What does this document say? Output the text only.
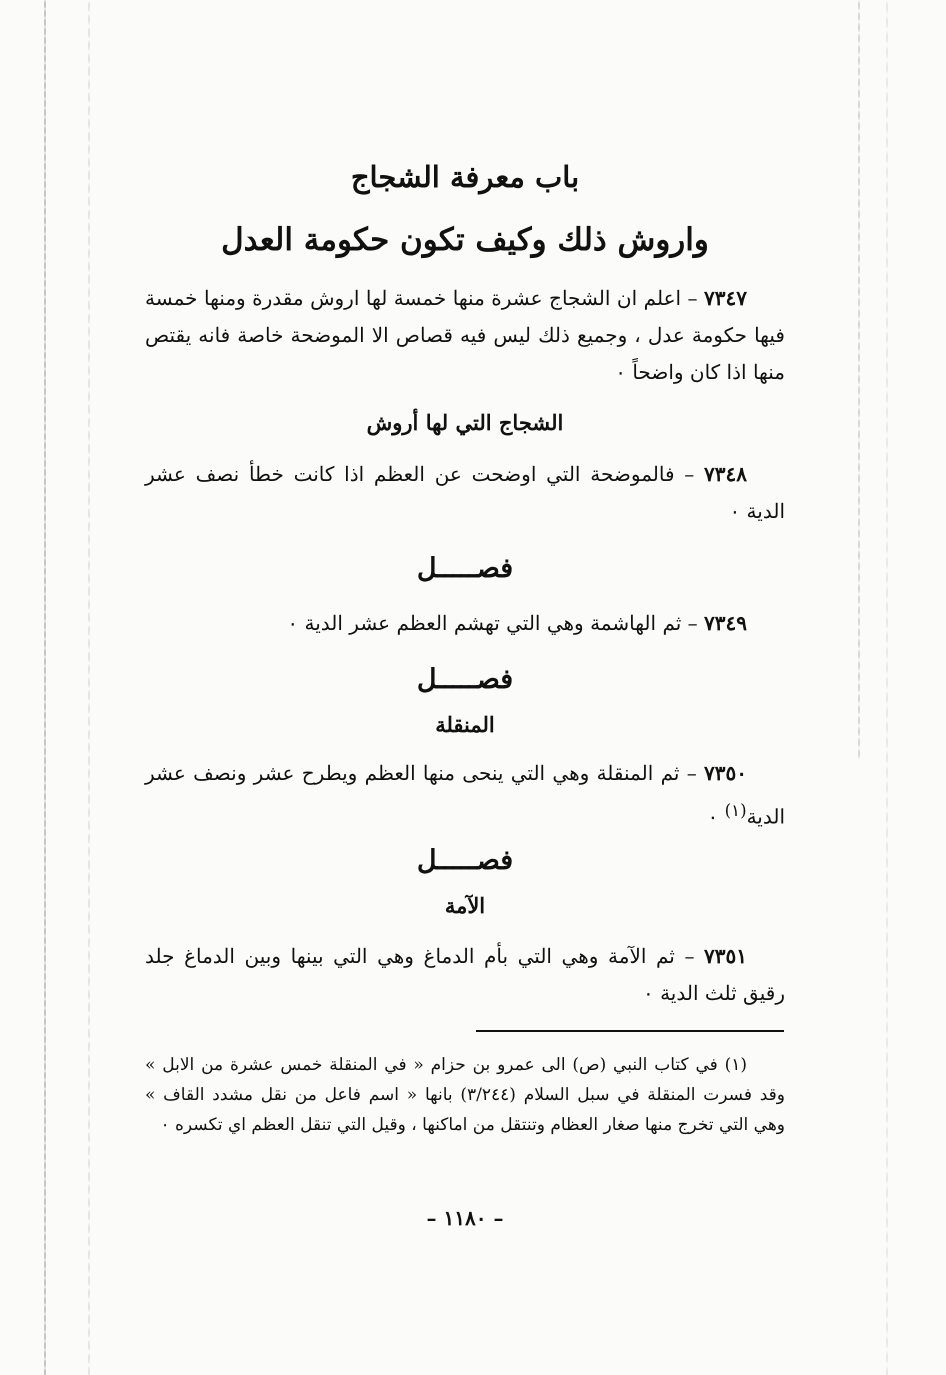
باب معرفة الشجاج
واروش ذلك وكيف تكون حكومة العدل
٧٣٤٧ – اعلم ان الشجاج عشرة منها خمسة لها اروش مقدرة ومنها خمسة فيها حكومة عدل ، وجميع ذلك ليس فيه قصاص الا الموضحة خاصة فانه يقتص منها اذا كان واضحاً ٠
الشجاج التي لها أروش
٧٣٤٨ – فالموضحة التي اوضحت عن العظم اذا كانت خطأ نصف عشر الدية ٠
فصـــــل
٧٣٤٩ – ثم الهاشمة وهي التي تهشم العظم عشر الدية ٠
فصـــــل
المنقلة
٧٣٥٠ – ثم المنقلة وهي التي ينحى منها العظم ويطرح عشر ونصف عشر الدية$^{(١)}$ ٠
فصـــــل
الآمة
٧٣٥١ – ثم الآمة وهي التي بأم الدماغ وهي التي بينها وبين الدماغ جلد رقيق ثلث الدية ٠
(١) في كتاب النبي (ص) الى عمرو بن حزام « في المنقلة خمس عشرة من الابل » وقد فسرت المنقلة في سبل السلام (٣/٢٤٤) بانها « اسم فاعل من نقل مشدد القاف » وهي التي تخرج منها صغار العظام وتنتقل من اماكنها ، وقيل التي تنقل العظم اي تكسره ٠
– ١١٨٠ –
